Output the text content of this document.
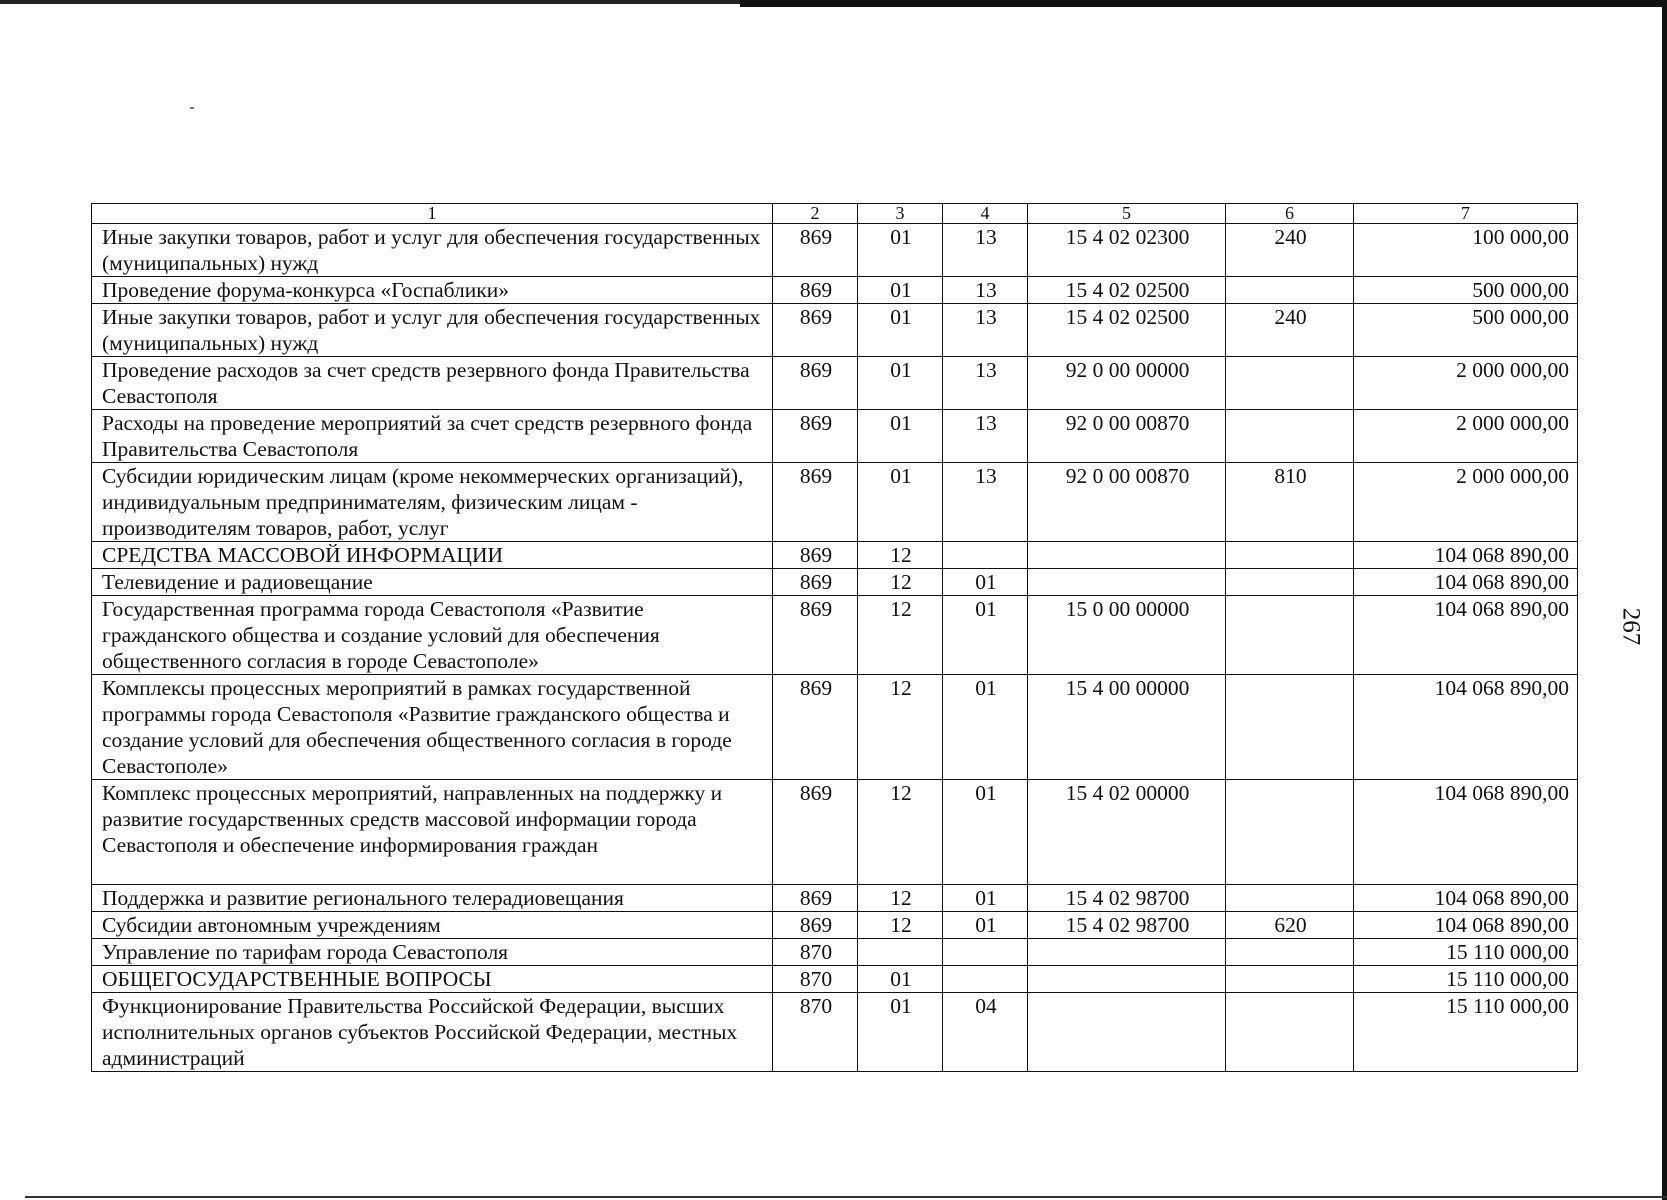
267
1	2	3	4	5	6	7
Иные закупки товаров, работ и услуг для обеспечения государственных (муниципальных) нужд	869	01	13	15 4 02 02300	240	100 000,00
Проведение форума-конкурса «Госпаблики»	869	01	13	15 4 02 02500		500 000,00
Иные закупки товаров, работ и услуг для обеспечения государственных (муниципальных) нужд	869	01	13	15 4 02 02500	240	500 000,00
Проведение расходов за счет средств резервного фонда Правительства Севастополя	869	01	13	92 0 00 00000		2 000 000,00
Расходы на проведение мероприятий за счет средств резервного фонда Правительства Севастополя	869	01	13	92 0 00 00870		2 000 000,00
Субсидии юридическим лицам (кроме некоммерческих организаций), индивидуальным предпринимателям, физическим лицам - производителям товаров, работ, услуг	869	01	13	92 0 00 00870	810	2 000 000,00
СРЕДСТВА МАССОВОЙ ИНФОРМАЦИИ	869	12				104 068 890,00
Телевидение и радиовещание	869	12	01			104 068 890,00
Государственная программа города Севастополя «Развитие гражданского общества и создание условий для обеспечения общественного согласия в городе Севастополе»	869	12	01	15 0 00 00000		104 068 890,00
Комплексы процессных мероприятий в рамках государственной программы города Севастополя «Развитие гражданского общества и создание условий для обеспечения общественного согласия в городе Севастополе»	869	12	01	15 4 00 00000		104 068 890,00
Комплекс процессных мероприятий, направленных на поддержку и развитие государственных средств массовой информации города Севастополя и обеспечение информирования граждан	869	12	01	15 4 02 00000		104 068 890,00
Поддержка и развитие регионального телерадиовещания	869	12	01	15 4 02 98700		104 068 890,00
Субсидии автономным учреждениям	869	12	01	15 4 02 98700	620	104 068 890,00
Управление по тарифам города Севастополя	870					15 110 000,00
ОБЩЕГОСУДАРСТВЕННЫЕ ВОПРОСЫ	870	01				15 110 000,00
Функционирование Правительства Российской Федерации, высших исполнительных органов субъектов Российской Федерации, местных администраций	870	01	04			15 110 000,00
